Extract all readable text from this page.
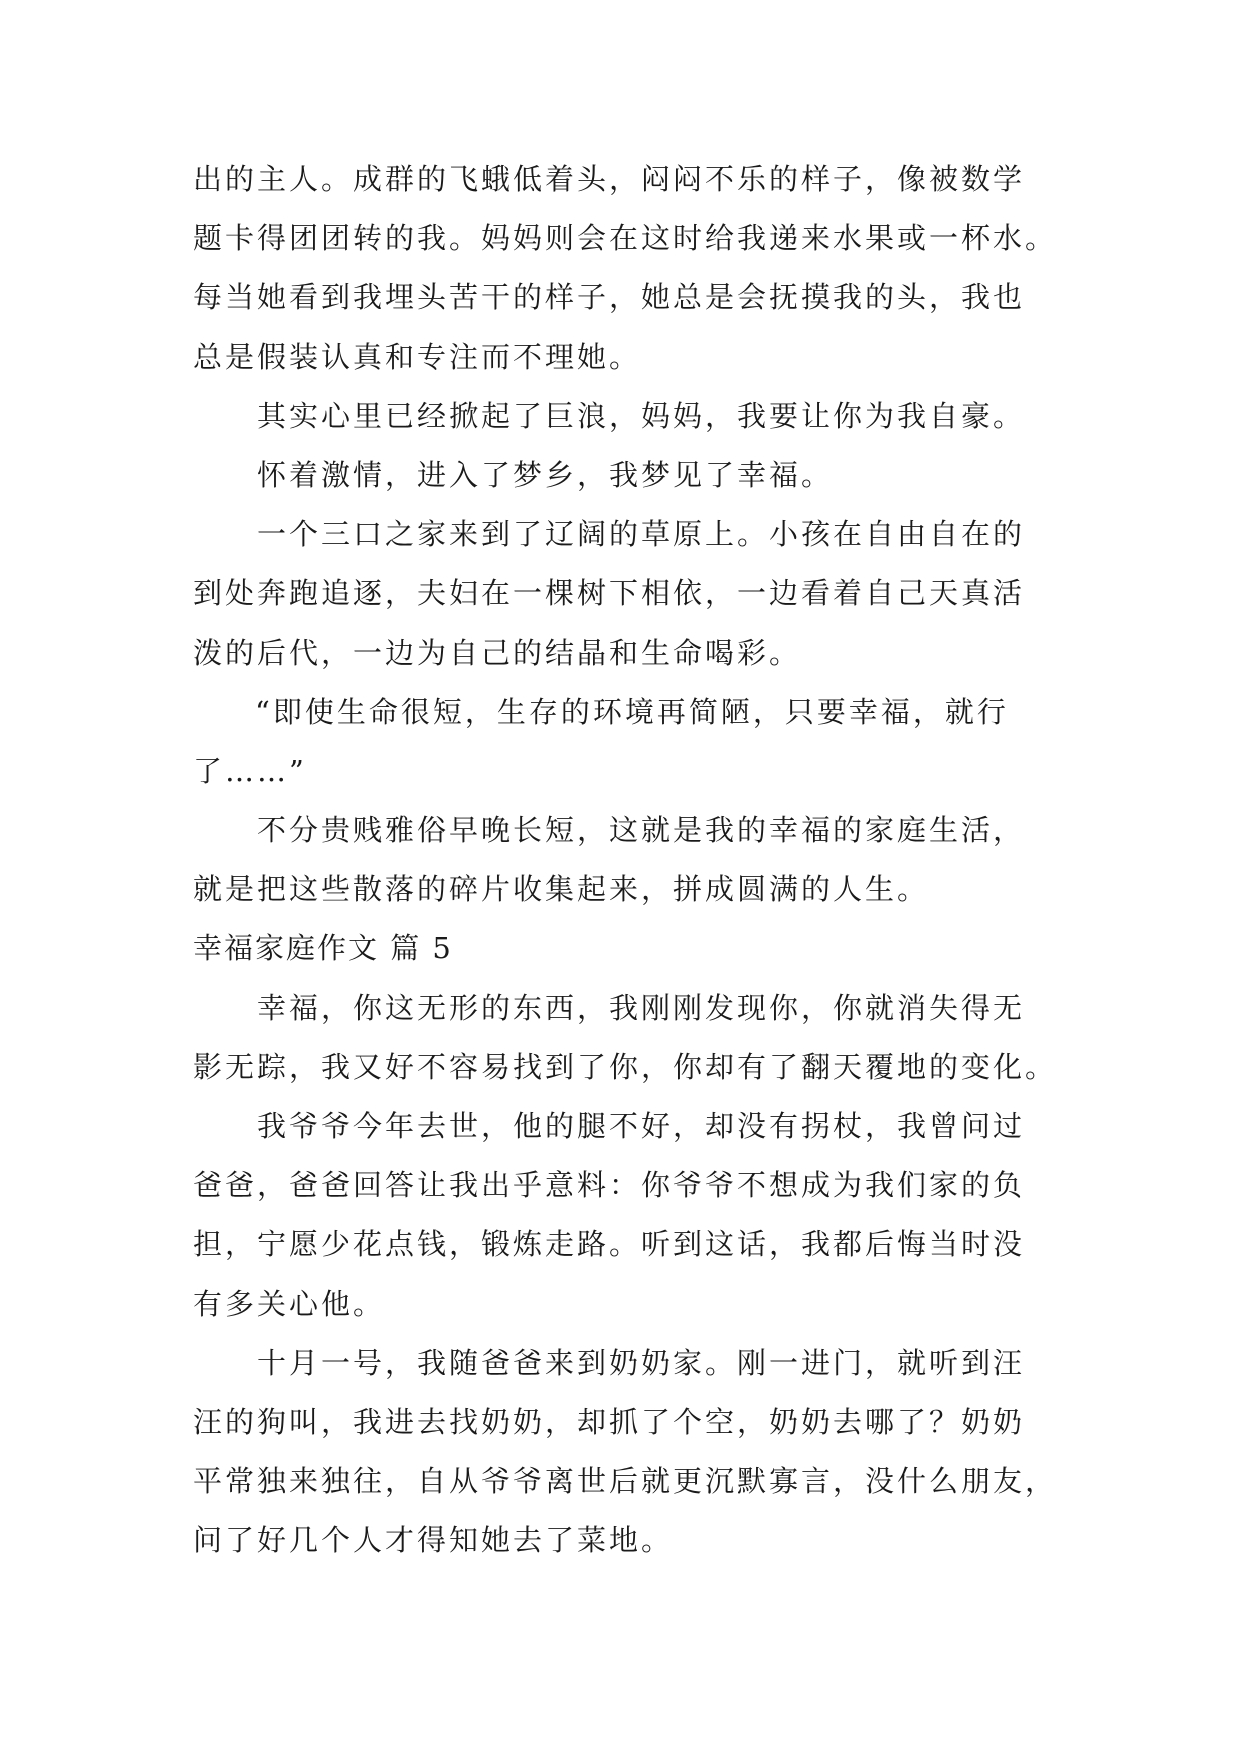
出的主人。成群的飞蛾低着头，闷闷不乐的样子，像被数学
题卡得团团转的我。妈妈则会在这时给我递来水果或一杯水。
每当她看到我埋头苦干的样子，她总是会抚摸我的头，我也
总是假装认真和专注而不理她。
其实心里已经掀起了巨浪，妈妈，我要让你为我自豪。
怀着激情，进入了梦乡，我梦见了幸福。
一个三口之家来到了辽阔的草原上。小孩在自由自在的
到处奔跑追逐，夫妇在一棵树下相依，一边看着自己天真活
泼的后代，一边为自己的结晶和生命喝彩。
“即使生命很短，生存的环境再简陋，只要幸福，就行
了……”
不分贵贱雅俗早晚长短，这就是我的幸福的家庭生活，
就是把这些散落的碎片收集起来，拼成圆满的人生。
幸福家庭作文 篇 5
幸福，你这无形的东西，我刚刚发现你，你就消失得无
影无踪，我又好不容易找到了你，你却有了翻天覆地的变化。
我爷爷今年去世，他的腿不好，却没有拐杖，我曾问过
爸爸，爸爸回答让我出乎意料：你爷爷不想成为我们家的负
担，宁愿少花点钱，锻炼走路。听到这话，我都后悔当时没
有多关心他。
十月一号，我随爸爸来到奶奶家。刚一进门，就听到汪
汪的狗叫，我进去找奶奶，却抓了个空，奶奶去哪了？奶奶
平常独来独往，自从爷爷离世后就更沉默寡言，没什么朋友，
问了好几个人才得知她去了菜地。
